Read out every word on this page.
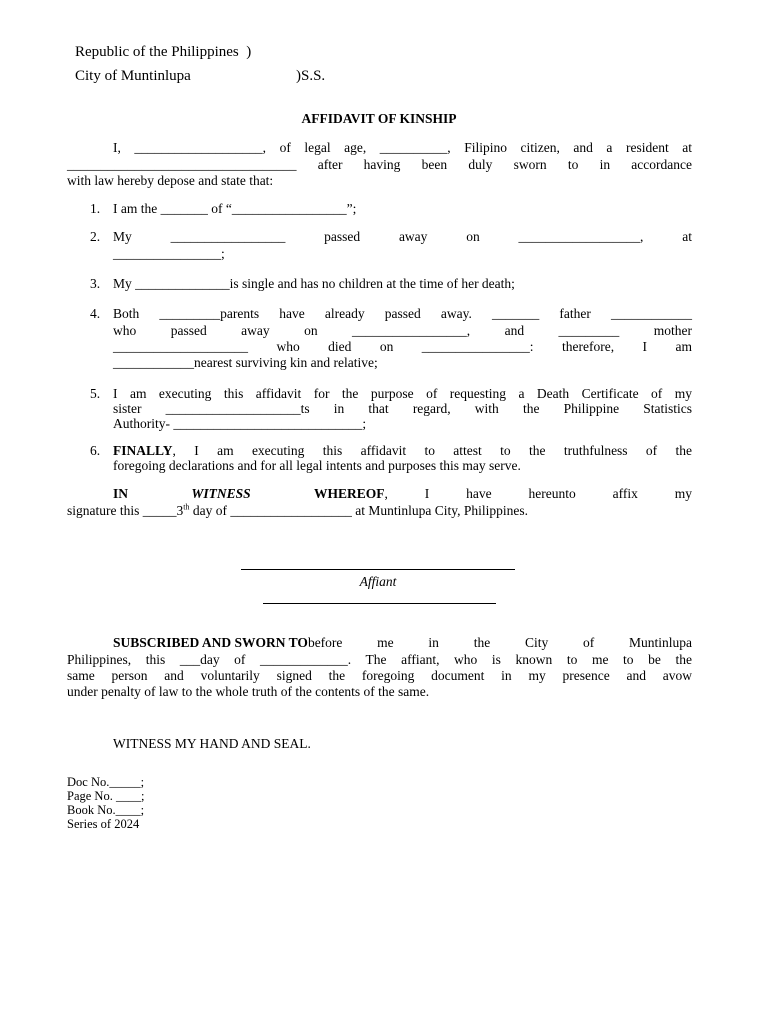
Republic of the Philippines  )
City of Muntinlupa	)S.S.
AFFIDAVIT OF KINSHIP
I, ___________________, of legal age, __________, Filipino citizen, and a resident at
__________________________________ after having been duly sworn to in accordance
with law hereby depose and state that:
1. I am the _______ of “_________________”;
2. My _________________ passed away on __________________, at
________________;
3. My ______________is single and has no children at the time of her death;
4. Both _________parents have already passed away. _______ father ____________
who passed away on _________________, and _________ mother
____________________ who died on ________________: therefore, I am
____________nearest surviving kin and relative;
5. I am executing this affidavit for the purpose of requesting a Death Certificate of my
sister ____________________ts in that regard, with the Philippine Statistics
Authority- ____________________________;
6. FINALLY , I am executing this affidavit to attest to the truthfulness of the
foregoing declarations and for all legal intents and purposes this may serve.
IN	WITNESS	WHEREOF , I have hereunto affix my
signature this _____3th day of __________________ at Muntinlupa City, Philippines.
Affiant
SUBSCRIBED AND SWORN TO before me in the City of Muntinlupa
Philippines, this ___day of _____________. The affiant, who is known to me to be the
same person and voluntarily signed the foregoing document in my presence and avow
under penalty of law to the whole truth of the contents of the same.
WITNESS MY HAND AND SEAL.
Doc No._____;
Page No. ____;
Book No.____;
Series of 2024
